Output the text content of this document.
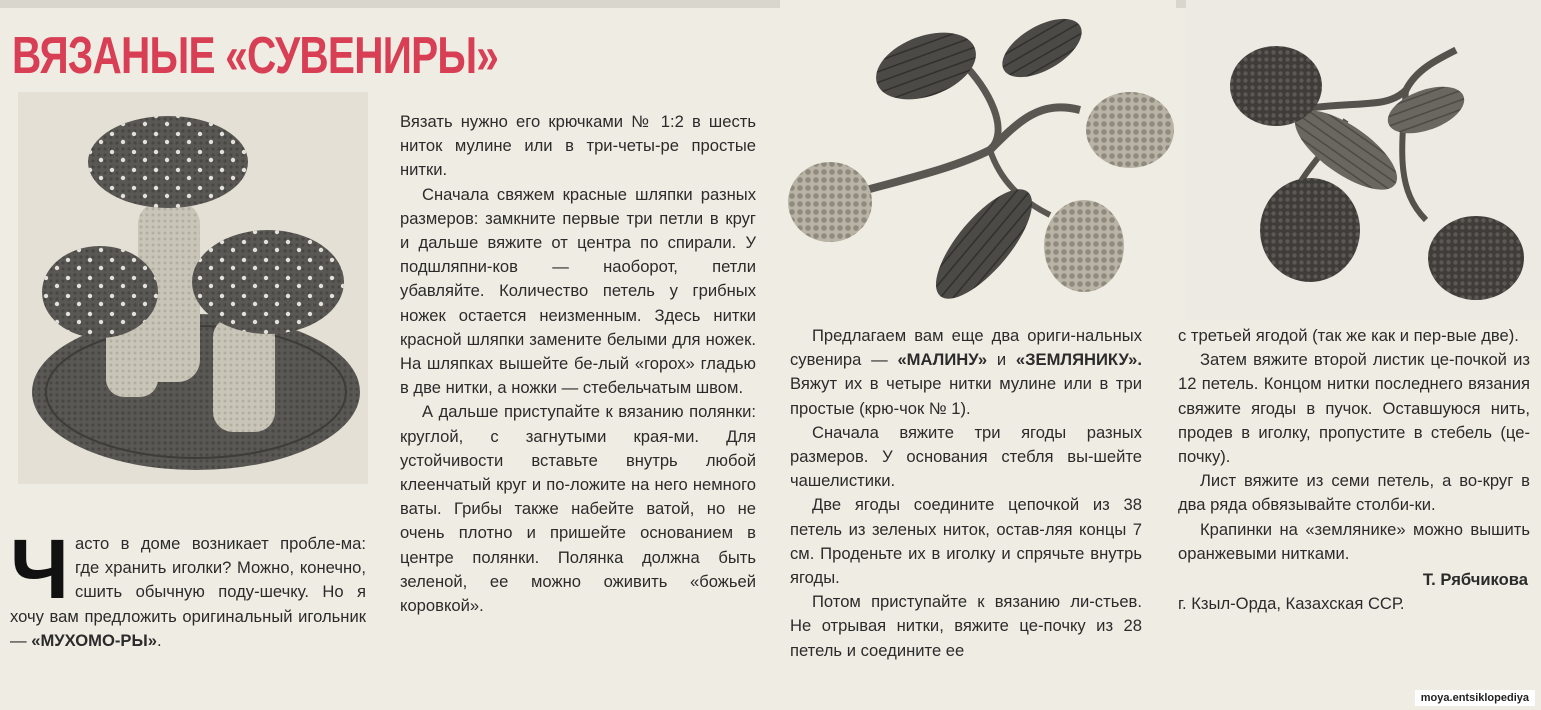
ВЯЗАНЫЕ «СУВЕНИРЫ»

Часто в доме возникает пробле-ма: где хранить иголки? Можно, конечно, сшить обычную поду-шечку. Но я хочу вам предложить оригинальный игольник — «МУХОМО-РЫ».

Вязать нужно его крючками № 1:2 в шесть ниток мулине или в три-четы-ре простые нитки.

Сначала свяжем красные шляпки разных размеров: замкните первые три петли в круг и дальше вяжите от центра по спирали. У подшляпни-ков — наоборот, петли убавляйте. Количество петель у грибных ножек остается неизменным. Здесь нитки красной шляпки замените белыми для ножек. На шляпках вышейте бе-лый «горох» гладью в две нитки, а ножки — стебельчатым швом.

А дальше приступайте к вязанию полянки: круглой, с загнутыми края-ми. Для устойчивости вставьте внутрь любой клеенчатый круг и по-ложите на него немного ваты. Грибы также набейте ватой, но не очень плотно и пришейте основанием в центре полянки. Полянка должна быть зеленой, ее можно оживить «божьей коровкой».

Предлагаем вам еще два ориги-нальных сувенира — «МАЛИНУ» и «ЗЕМЛЯНИКУ». Вяжут их в четыре нитки мулине или в три простые (крю-чок № 1).

Сначала вяжите три ягоды разных размеров. У основания стебля вы-шейте чашелистики.

Две ягоды соедините цепочкой из 38 петель из зеленых ниток, остав-ляя концы 7 см. Проденьте их в иголку и спрячьте внутрь ягоды.

Потом приступайте к вязанию ли-стьев. Не отрывая нитки, вяжите це-почку из 28 петель и соедините ее

с третьей ягодой (так же как и пер-вые две).

Затем вяжите второй листик це-почкой из 12 петель. Концом нитки последнего вязания свяжите ягоды в пучок. Оставшуюся нить, продев в иголку, пропустите в стебель (це-почку).

Лист вяжите из семи петель, а во-круг в два ряда обвязывайте столби-ки.

Крапинки на «землянике» можно вышить оранжевыми нитками.

Т. Рябчикова

г. Кзыл-Орда, Казахская ССР.

moya.entsiklopediya
